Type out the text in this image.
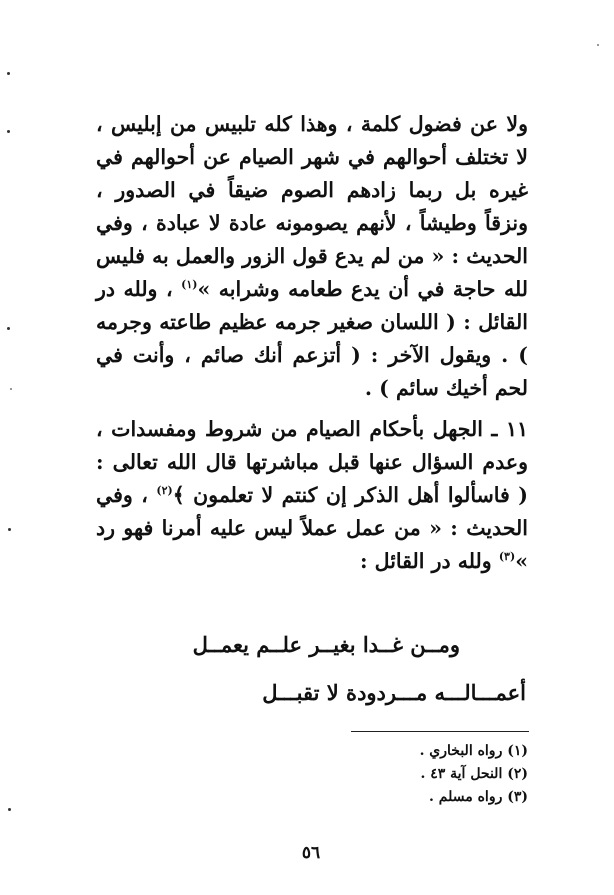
ولا عن فضول كلمة ، وهذا كله تلبيس من إبليس ، لا تختلف أحوالهم في شهر الصيام عن أحوالهم في غيره بل ربما زادهم الصوم ضيقاً في الصدور ، ونزقاً وطيشاً ، لأنهم يصومونه عادة لا عبادة ، وفي الحديث : « من لم يدع قول الزور والعمل به فليس لله حاجة في أن يدع طعامه وشرابه »$^{(١)}$ ، ولله در القائل : ( اللسان صغير جرمه عظيم طاعته وجرمه ) . ويقول الآخر : ( أتزعم أنك صائم ، وأنت في لحم أخيك سائم ) .

١١ ـ الجهل بأحكام الصيام من شروط ومفسدات ، وعدم السؤال عنها قبل مباشرتها قال الله تعالى : ( فاسألوا أهل الذكر إن كنتم لا تعلمون ﴾$^{(٢)}$ ، وفي الحديث : « من عمل عملاً ليس عليه أمرنا فهو رد »$^{(٣)}$ ولله در القائل :

ومــن غــدا بغيــر علــم يعمــل
أعمـــالـــه مـــردودة لا تقبـــل
(١) رواه البخاري .
(٢) النحل آية ٤٣ .
(٣) رواه مسلم .
٥٦
